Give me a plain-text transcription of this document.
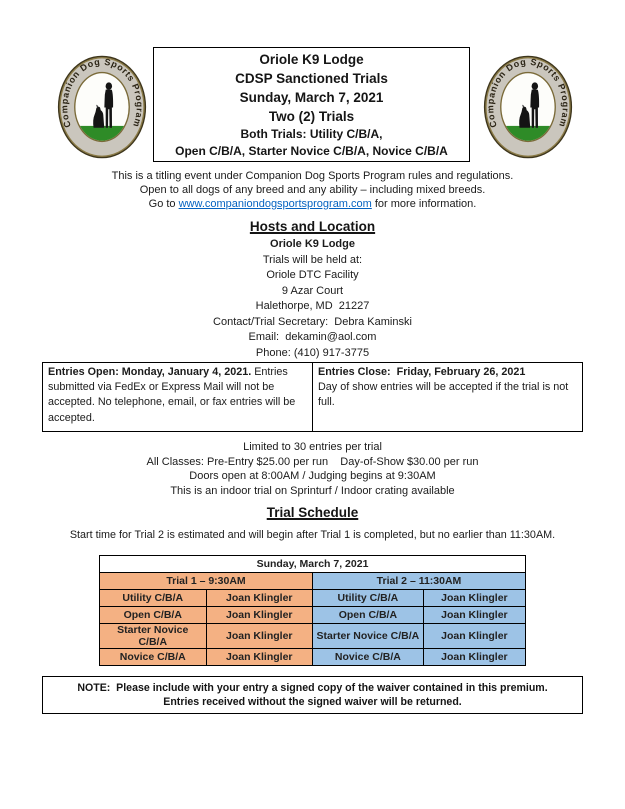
Oriole K9 Lodge
CDSP Sanctioned Trials
Sunday, March 7, 2021
Two (2) Trials
Both Trials: Utility C/B/A,
Open C/B/A, Starter Novice C/B/A, Novice C/B/A
This is a titling event under Companion Dog Sports Program rules and regulations.
Open to all dogs of any breed and any ability – including mixed breeds.
Go to www.companiondogsportsprogram.com for more information.
Hosts and Location
Oriole K9 Lodge
Trials will be held at:
Oriole DTC Facility
9 Azar Court
Halethorpe, MD  21227
Contact/Trial Secretary:  Debra Kaminski
Email:  dekamin@aol.com
Phone: (410) 917-3775
Entries Open: Monday, January 4, 2021. Entries submitted via FedEx or Express Mail will not be accepted. No telephone, email, or fax entries will be accepted.	
Entries Close:  Friday, February 26, 2021
Day of show entries will be accepted if the trial is not full.
Limited to 30 entries per trial
All Classes: Pre-Entry $25.00 per run    Day-of-Show $30.00 per run
Doors open at 8:00AM / Judging begins at 9:30AM
This is an indoor trial on Sprinturf / Indoor crating available
Trial Schedule
Start time for Trial 2 is estimated and will begin after Trial 1 is completed, but no earlier than 11:30AM.
Sunday, March 7, 2021			
Trial 1 – 9:30AM		Trial 2 – 11:30AM	
Utility C/B/A	Joan Klingler	Utility C/B/A	Joan Klingler
Open C/B/A	Joan Klingler	Open C/B/A	Joan Klingler
Starter Novice C/B/A	Joan Klingler	Starter Novice C/B/A	Joan Klingler
Novice C/B/A	Joan Klingler	Novice C/B/A	Joan Klingler
NOTE:  Please include with your entry a signed copy of the waiver contained in this premium.
Entries received without the signed waiver will be returned.
